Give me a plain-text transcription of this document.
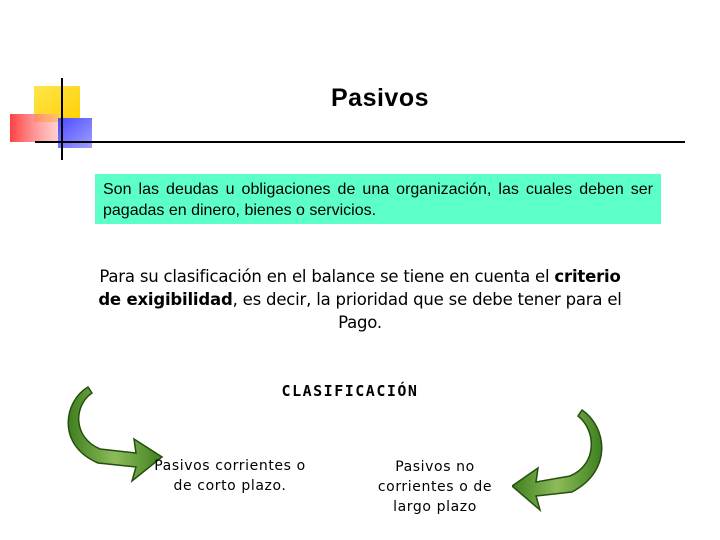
Pasivos
Son las deudas u obligaciones de una organización, las cuales deben ser pagadas en dinero, bienes o servicios.
Para su clasificación en el balance se tiene en cuenta el criterio de exigibilidad, es decir, la prioridad que se debe tener para el Pago.
CLASIFICACIÓN
Pasivos corrientes o de corto plazo.
Pasivos no corrientes o de largo plazo
